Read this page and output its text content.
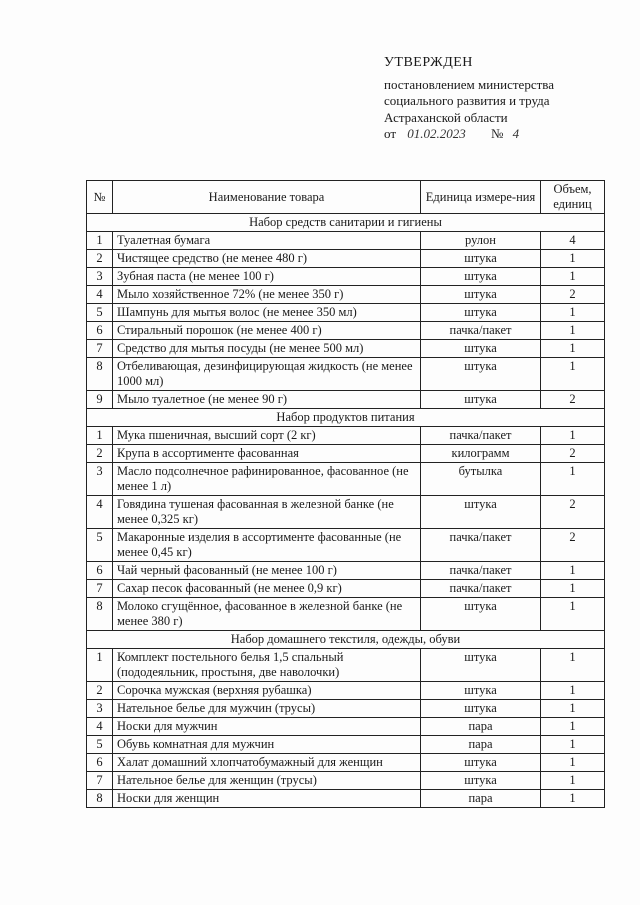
УТВЕРЖДЕН
постановлением министерства
социального развития и труда
Астраханской области
от 01.02.2023 № 4
№	Наименование товара	Единица измере-ния	Объем, единиц
Набор средств санитарии и гигиены			
1	Туалетная бумага	рулон	4
2	Чистящее средство (не менее 480 г)	штука	1
3	Зубная паста (не менее 100 г)	штука	1
4	Мыло хозяйственное 72% (не менее 350 г)	штука	2
5	Шампунь для мытья волос (не менее 350 мл)	штука	1
6	Стиральный порошок (не менее 400 г)	пачка/пакет	1
7	Средство для мытья посуды (не менее 500 мл)	штука	1
8	Отбеливающая, дезинфицирующая жидкость (не менее 1000 мл)	штука	1
9	Мыло туалетное (не менее 90 г)	штука	2
Набор продуктов питания			
1	Мука пшеничная, высший сорт (2 кг)	пачка/пакет	1
2	Крупа в ассортименте фасованная	килограмм	2
3	Масло подсолнечное рафинированное, фасованное (не менее 1 л)	бутылка	1
4	Говядина тушеная фасованная в железной банке (не менее 0,325 кг)	штука	2
5	Макаронные изделия в ассортименте фасованные (не менее 0,45 кг)	пачка/пакет	2
6	Чай черный фасованный (не менее 100 г)	пачка/пакет	1
7	Сахар песок фасованный (не менее 0,9 кг)	пачка/пакет	1
8	Молоко сгущённое, фасованное в железной банке (не менее 380 г)	штука	1
Набор домашнего текстиля, одежды, обуви			
1	Комплект постельного белья 1,5 спальный (пододеяльник, простыня, две наволочки)	штука	1
2	Сорочка мужская (верхняя рубашка)	штука	1
3	Нательное белье для мужчин (трусы)	штука	1
4	Носки для мужчин	пара	1
5	Обувь комнатная для мужчин	пара	1
6	Халат домашний хлопчатобумажный для женщин	штука	1
7	Нательное белье для женщин (трусы)	штука	1
8	Носки для женщин	пара	1
